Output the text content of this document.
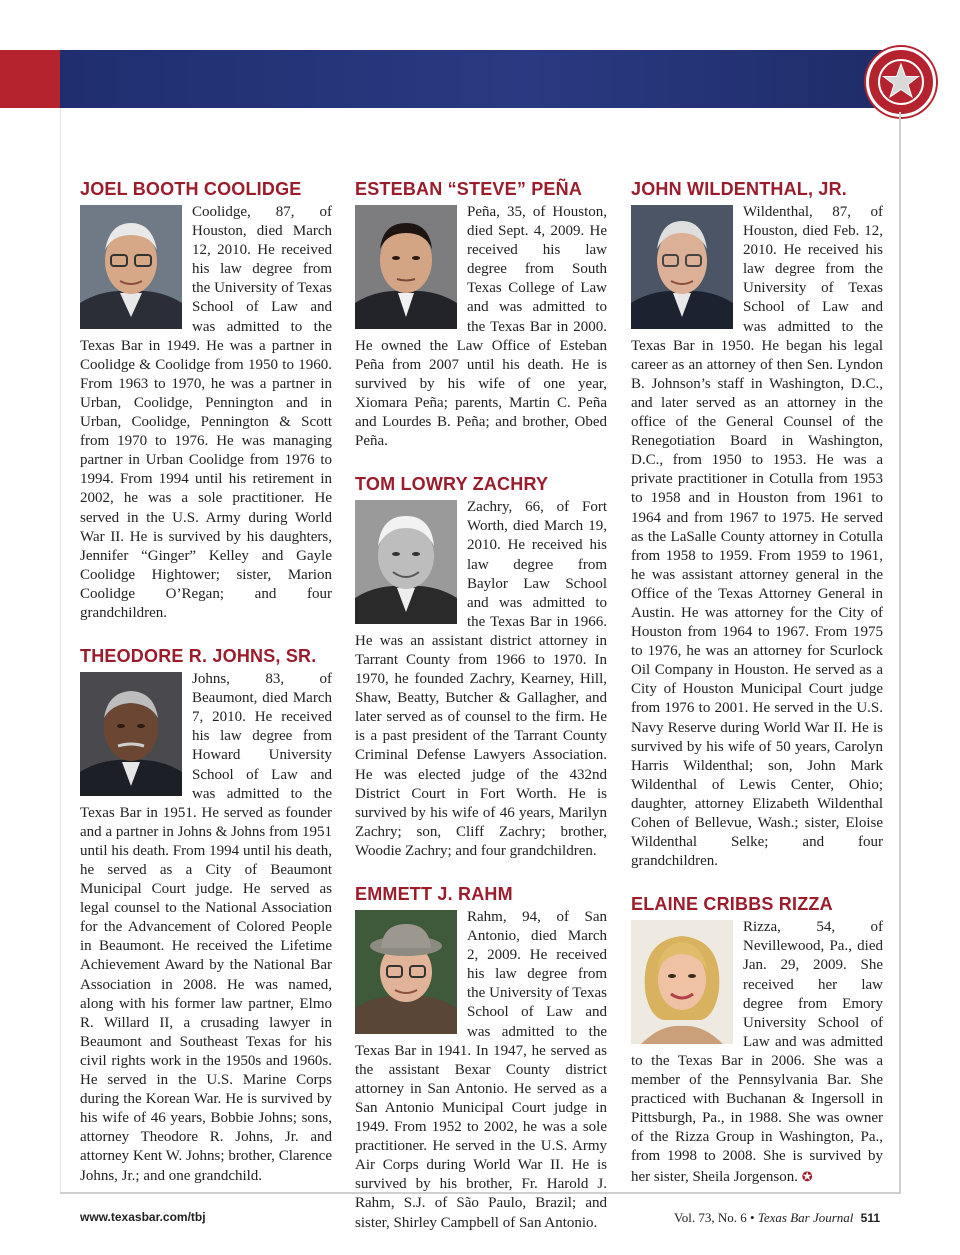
JOEL BOOTH COOLIDGE

Coolidge, 87, of Houston, died March 12, 2010. He received his law degree from the University of Texas School of Law and was admitted to the Texas Bar in 1949. He was a partner in Coolidge & Coolidge from 1950 to 1960. From 1963 to 1970, he was a partner in Urban, Coolidge, Pennington and in Urban, Coolidge, Pennington & Scott from 1970 to 1976. He was managing partner in Urban Coolidge from 1976 to 1994. From 1994 until his retirement in 2002, he was a sole practitioner. He served in the U.S. Army during World War II. He is survived by his daughters, Jennifer “Ginger” Kelley and Gayle Coolidge Hightower; sister, Marion Coolidge O’Regan; and four grandchildren.

THEODORE R. JOHNS, SR.

Johns, 83, of Beaumont, died March 7, 2010. He received his law degree from Howard University School of Law and was admitted to the Texas Bar in 1951. He served as founder and a partner in Johns & Johns from 1951 until his death. From 1994 until his death, he served as a City of Beaumont Municipal Court judge. He served as legal counsel to the National Association for the Advancement of Colored People in Beaumont. He received the Lifetime Achievement Award by the National Bar Association in 2008. He was named, along with his former law partner, Elmo R. Willard II, a crusading lawyer in Beaumont and Southeast Texas for his civil rights work in the 1950s and 1960s. He served in the U.S. Marine Corps during the Korean War. He is survived by his wife of 46 years, Bobbie Johns; sons, attorney Theodore R. Johns, Jr. and attorney Kent W. Johns; brother, Clarence Johns, Jr.; and one grandchild.

ESTEBAN “STEVE” PEÑA

Peña, 35, of Houston, died Sept. 4, 2009. He received his law degree from South Texas College of Law and was admitted to the Texas Bar in 2000. He owned the Law Office of Esteban Peña from 2007 until his death. He is survived by his wife of one year, Xiomara Peña; parents, Martin C. Peña and Lourdes B. Peña; and brother, Obed Peña.

TOM LOWRY ZACHRY

Zachry, 66, of Fort Worth, died March 19, 2010. He received his law degree from Baylor Law School and was admitted to the Texas Bar in 1966. He was an assistant district attorney in Tarrant County from 1966 to 1970. In 1970, he founded Zachry, Kearney, Hill, Shaw, Beatty, Butcher & Gallagher, and later served as of counsel to the firm. He is a past president of the Tarrant County Criminal Defense Lawyers Association. He was elected judge of the 432nd District Court in Fort Worth. He is survived by his wife of 46 years, Marilyn Zachry; son, Cliff Zachry; brother, Woodie Zachry; and four grandchildren.

EMMETT J. RAHM

Rahm, 94, of San Antonio, died March 2, 2009. He received his law degree from the University of Texas School of Law and was admitted to the Texas Bar in 1941. In 1947, he served as the assistant Bexar County district attorney in San Antonio. He served as a San Antonio Municipal Court judge in 1949. From 1952 to 2002, he was a sole practitioner. He served in the U.S. Army Air Corps during World War II. He is survived by his brother, Fr. Harold J. Rahm, S.J. of São Paulo, Brazil; and sister, Shirley Campbell of San Antonio.

JOHN WILDENTHAL, JR.

Wildenthal, 87, of Houston, died Feb. 12, 2010. He received his law degree from the University of Texas School of Law and was admitted to the Texas Bar in 1950. He began his legal career as an attorney of then Sen. Lyndon B. Johnson’s staff in Washington, D.C., and later served as an attorney in the office of the General Counsel of the Renegotiation Board in Washington, D.C., from 1950 to 1953. He was a private practitioner in Cotulla from 1953 to 1958 and in Houston from 1961 to 1964 and from 1967 to 1975. He served as the LaSalle County attorney in Cotulla from 1958 to 1959. From 1959 to 1961, he was assistant attorney general in the Office of the Texas Attorney General in Austin. He was attorney for the City of Houston from 1964 to 1967. From 1975 to 1976, he was an attorney for Scurlock Oil Company in Houston. He served as a City of Houston Municipal Court judge from 1976 to 2001. He served in the U.S. Navy Reserve during World War II. He is survived by his wife of 50 years, Carolyn Harris Wildenthal; son, John Mark Wildenthal of Lewis Center, Ohio; daughter, attorney Elizabeth Wildenthal Cohen of Bellevue, Wash.; sister, Eloise Wildenthal Selke; and four grandchildren.

ELAINE CRIBBS RIZZA

Rizza, 54, of Nevillewood, Pa., died Jan. 29, 2009. She received her law degree from Emory University School of Law and was admitted to the Texas Bar in 2006. She was a member of the Pennsylvania Bar. She practiced with Buchanan & Ingersoll in Pittsburgh, Pa., in 1988. She was owner of the Rizza Group in Washington, Pa., from 1998 to 2008. She is survived by her sister, Sheila Jorgenson. ✪

www.texasbar.com/tbj	Vol. 73, No. 6 • Texas Bar Journal 511
